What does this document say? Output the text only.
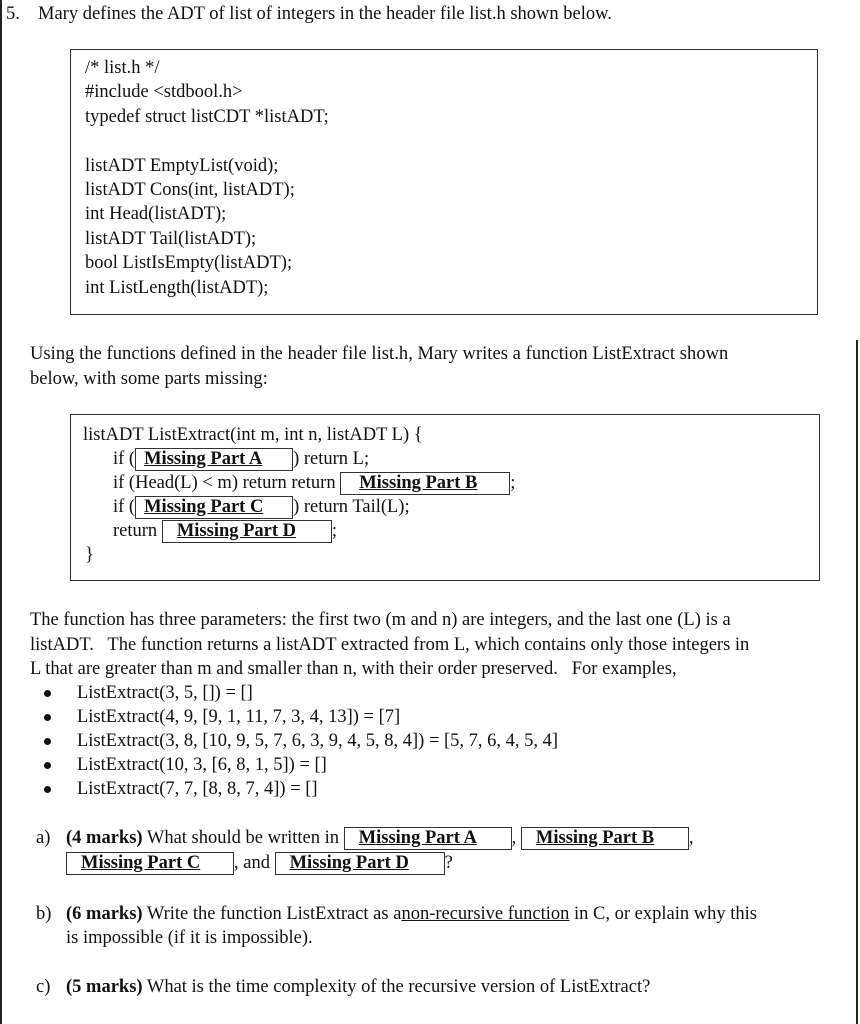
5. Mary defines the ADT of list of integers in the header file list.h shown below.
/* list.h */
#include <stdbool.h>
typedef struct listCDT *listADT;
listADT EmptyList(void);
listADT Cons(int, listADT);
int Head(listADT);
listADT Tail(listADT);
bool ListIsEmpty(listADT);
int ListLength(listADT);
Using the functions defined in the header file list.h, Mary writes a function ListExtract shown
below, with some parts missing:
listADT ListExtract(int m, int n, listADT L) {
if ( Missing Part A ) return L;
if (Head(L) < m) return return Missing Part B ;
if ( Missing Part C ) return Tail(L);
return Missing Part D ;
}
The function has three parameters: the first two (m and n) are integers, and the last one (L) is a
listADT.   The function returns a listADT extracted from L, which contains only those integers in
L that are greater than m and smaller than n, with their order preserved.   For examples,
ListExtract(3, 5, []) = []
ListExtract(4, 9, [9, 1, 11, 7, 3, 4, 13]) = [7]
ListExtract(3, 8, [10, 9, 5, 7, 6, 3, 9, 4, 5, 8, 4]) = [5, 7, 6, 4, 5, 4]
ListExtract(10, 3, [6, 8, 1, 5]) = []
ListExtract(7, 7, [8, 8, 7, 4]) = []
a) (4 marks) What should be written in Missing Part A , Missing Part B ,
Missing Part C , and Missing Part D ?
b) (6 marks) Write the function ListExtract as anon-recursive function in C, or explain why this
is impossible (if it is impossible).
c) (5 marks) What is the time complexity of the recursive version of ListExtract?
